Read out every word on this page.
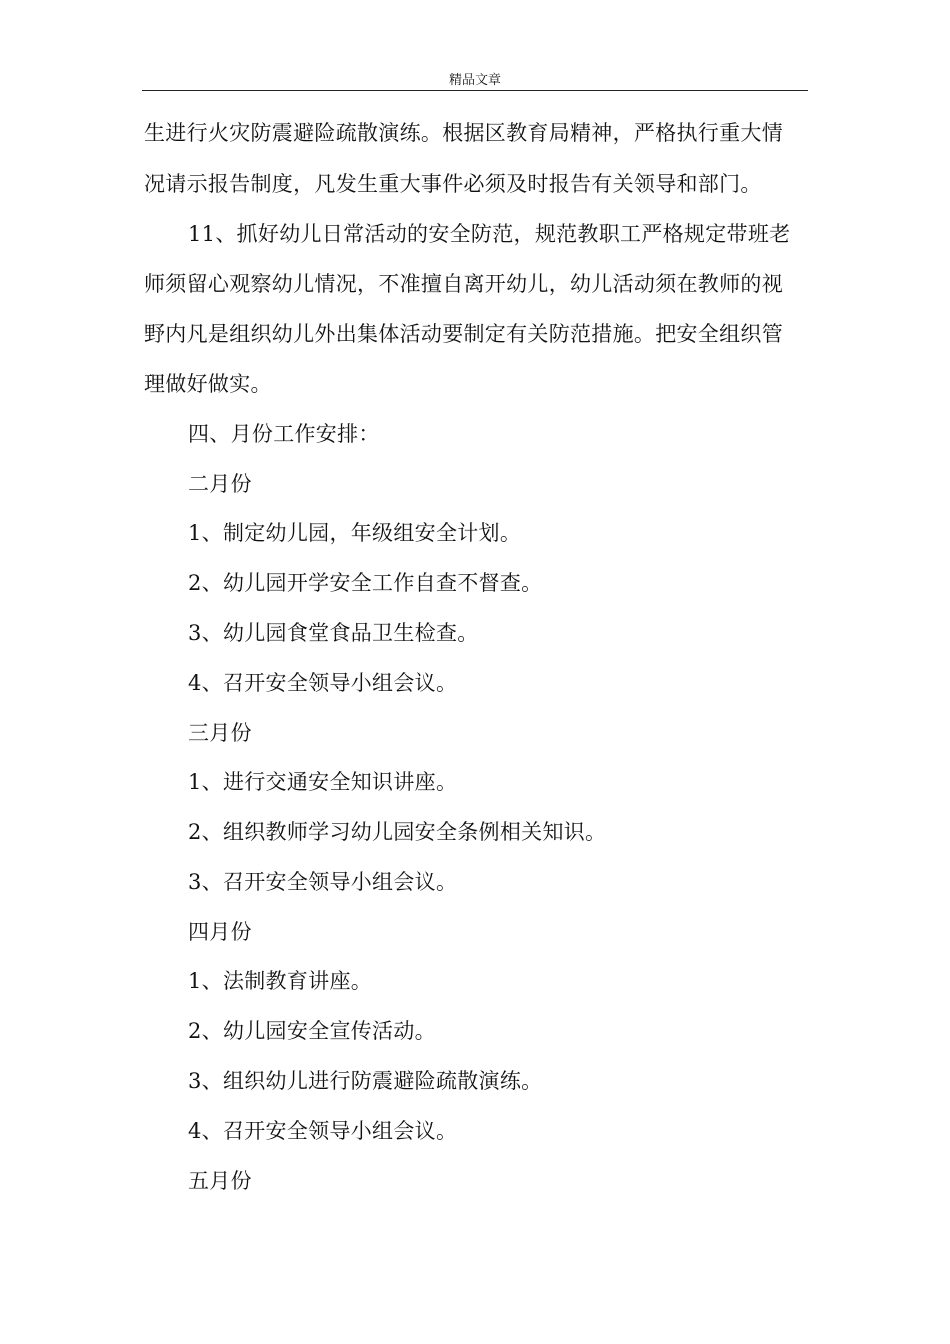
精品文章
生进行火灾防震避险疏散演练。根据区教育局精神，严格执行重大情
况请示报告制度，凡发生重大事件必须及时报告有关领导和部门。
11、抓好幼儿日常活动的安全防范，规范教职工严格规定带班老
师须留心观察幼儿情况，不准擅自离开幼儿，幼儿活动须在教师的视
野内凡是组织幼儿外出集体活动要制定有关防范措施。把安全组织管
理做好做实。
四、月份工作安排：
二月份
1、制定幼儿园，年级组安全计划。
2、幼儿园开学安全工作自查不督查。
3、幼儿园食堂食品卫生检查。
4、召开安全领导小组会议。
三月份
1、进行交通安全知识讲座。
2、组织教师学习幼儿园安全条例相关知识。
3、召开安全领导小组会议。
四月份
1、法制教育讲座。
2、幼儿园安全宣传活动。
3、组织幼儿进行防震避险疏散演练。
4、召开安全领导小组会议。
五月份
